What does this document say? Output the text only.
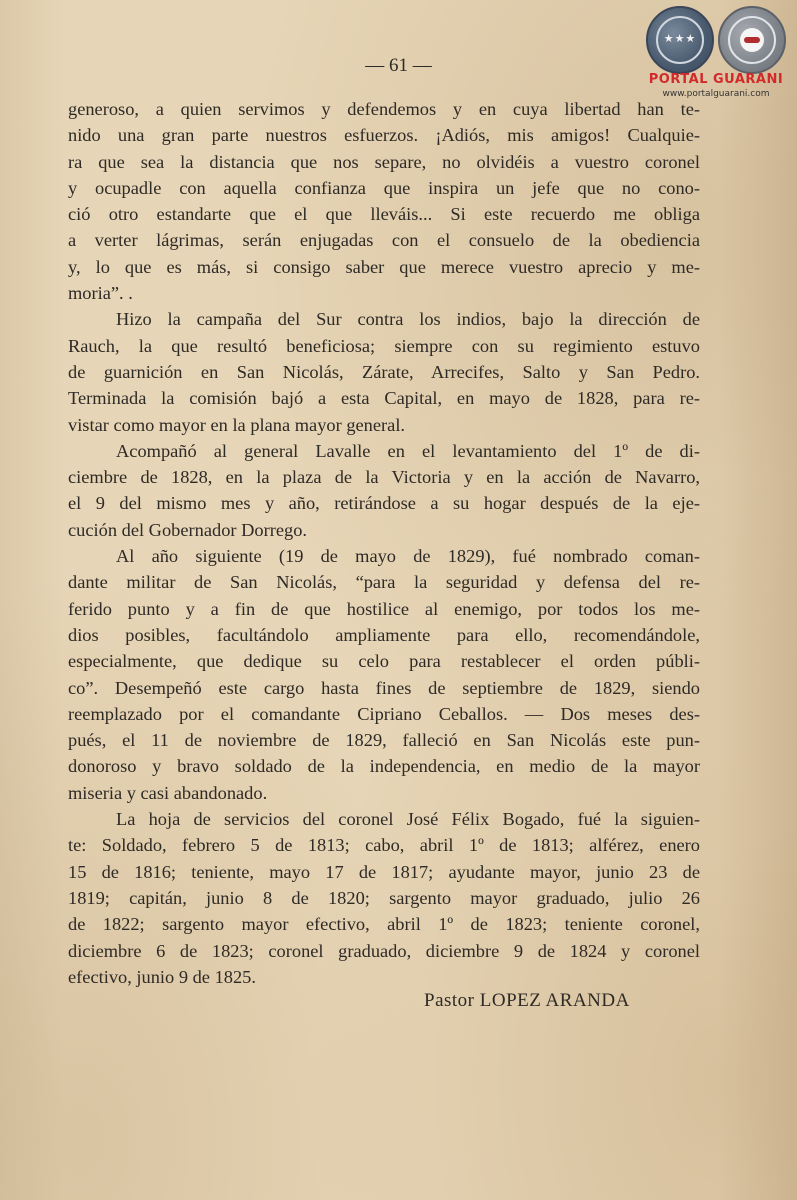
★★★
PORTAL GUARANI
www.portalguarani.com
— 61 —
generoso, a quien servimos y defendemos y en cuya libertad han te-
nido una gran parte nuestros esfuerzos. ¡Adiós, mis amigos! Cualquie-
ra que sea la distancia que nos separe, no olvidéis a vuestro coronel
y ocupadle con aquella confianza que inspira un jefe que no cono-
ció otro estandarte que el que lleváis... Si este recuerdo me obliga
a verter lágrimas, serán enjugadas con el consuelo de la obediencia
y, lo que es más, si consigo saber que merece vuestro aprecio y me-
moria”. .
Hizo la campaña del Sur contra los indios, bajo la dirección de
Rauch, la que resultó beneficiosa; siempre con su regimiento estuvo
de guarnición en San Nicolás, Zárate, Arrecifes, Salto y San Pedro.
Terminada la comisión bajó a esta Capital, en mayo de 1828, para re-
vistar como mayor en la plana mayor general.
Acompañó al general Lavalle en el levantamiento del 1º de di-
ciembre de 1828, en la plaza de la Victoria y en la acción de Navarro,
el 9 del mismo mes y año, retirándose a su hogar después de la eje-
cución del Gobernador Dorrego.
Al año siguiente (19 de mayo de 1829), fué nombrado coman-
dante militar de San Nicolás, “para la seguridad y defensa del re-
ferido punto y a fin de que hostilice al enemigo, por todos los me-
dios posibles, facultándolo ampliamente para ello, recomendándole,
especialmente, que dedique su celo para restablecer el orden públi-
co”. Desempeñó este cargo hasta fines de septiembre de 1829, siendo
reemplazado por el comandante Cipriano Ceballos. — Dos meses des-
pués, el 11 de noviembre de 1829, falleció en San Nicolás este pun-
donoroso y bravo soldado de la independencia, en medio de la mayor
miseria y casi abandonado.
La hoja de servicios del coronel José Félix Bogado, fué la siguien-
te: Soldado, febrero 5 de 1813; cabo, abril 1º de 1813; alférez, enero
15 de 1816; teniente, mayo 17 de 1817; ayudante mayor, junio 23 de
1819; capitán, junio 8 de 1820; sargento mayor graduado, julio 26
de 1822; sargento mayor efectivo, abril 1º de 1823; teniente coronel,
diciembre 6 de 1823; coronel graduado, diciembre 9 de 1824 y coronel
efectivo, junio 9 de 1825.
Pastor LOPEZ ARANDA
